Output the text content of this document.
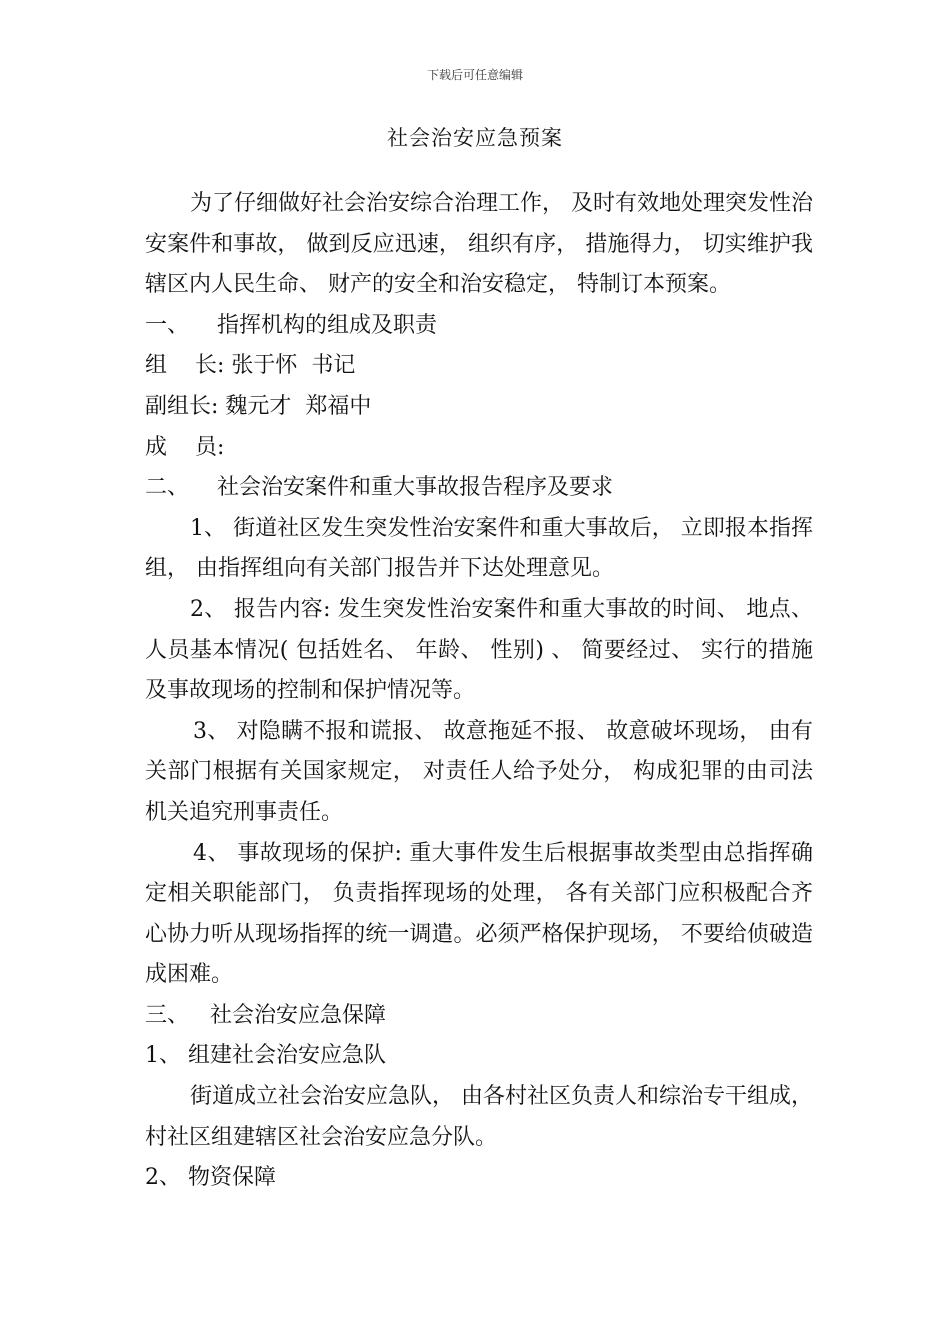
下载后可任意编辑
社会治安应急预案

为了仔细做好社会治安综合治理工作， 及时有效地处理突发性治安案件和事故， 做到反应迅速， 组织有序， 措施得力， 切实维护我辖区内人民生命、 财产的安全和治安稳定， 特制订本预案。

一、    指挥机构的组成及职责

组    长: 张于怀  书记

副组长: 魏元才  郑福中

成    员:

二、    社会治安案件和重大事故报告程序及要求

1、 街道社区发生突发性治安案件和重大事故后， 立即报本指挥组， 由指挥组向有关部门报告并下达处理意见。

2、 报告内容: 发生突发性治安案件和重大事故的时间、 地点、 人员基本情况( 包括姓名、 年龄、 性别) 、 简要经过、 实行的措施及事故现场的控制和保护情况等。

3、 对隐瞒不报和谎报、 故意拖延不报、 故意破坏现场， 由有关部门根据有关国家规定， 对责任人给予处分， 构成犯罪的由司法机关追究刑事责任。

4、 事故现场的保护: 重大事件发生后根据事故类型由总指挥确定相关职能部门， 负责指挥现场的处理， 各有关部门应积极配合齐心协力听从现场指挥的统一调遣。必须严格保护现场， 不要给侦破造成困难。

三、   社会治安应急保障

1、 组建社会治安应急队

街道成立社会治安应急队， 由各村社区负责人和综治专干组成， 村社区组建辖区社会治安应急分队。

2、 物资保障
